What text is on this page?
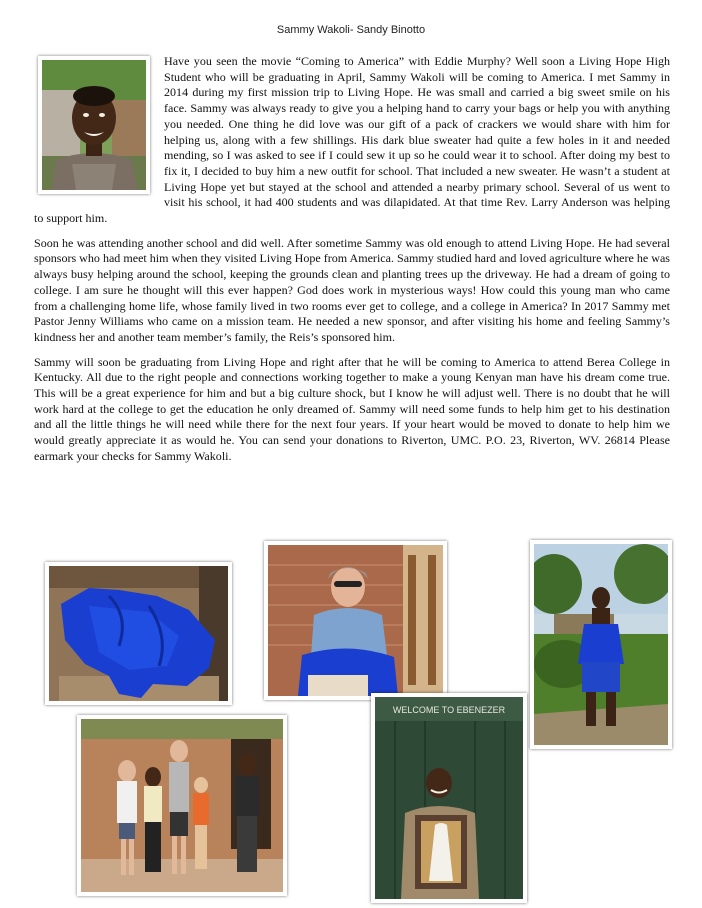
Sammy Wakoli- Sandy Binotto

Have you seen the movie “Coming to America” with Eddie Murphy? Well soon a Living Hope High Student who will be graduating in April, Sammy Wakoli will be coming to America. I met Sammy in 2014 during my first mission trip to Living Hope. He was small and carried a big sweet smile on his face. Sammy was always ready to give you a helping hand to carry your bags or help you with anything you needed. One thing he did love was our gift of a pack of crackers we would share with him for helping us, along with a few shillings. His dark blue sweater had quite a few holes in it and needed mending, so I was asked to see if I could sew it up so he could wear it to school. After doing my best to fix it, I decided to buy him a new outfit for school. That included a new sweater. He wasn’t a student at Living Hope yet but stayed at the school and attended a nearby primary school. Several of us went to visit his school, it had 400 students and was dilapidated. At that time Rev. Larry Anderson was helping to support him.

Soon he was attending another school and did well. After sometime Sammy was old enough to attend Living Hope. He had several sponsors who had meet him when they visited Living Hope from America. Sammy studied hard and loved agriculture where he was always busy helping around the school, keeping the grounds clean and planting trees up the driveway. He had a dream of going to college. I am sure he thought will this ever happen? God does work in mysterious ways! How could this young man who came from a challenging home life, whose family lived in two rooms ever get to college, and a college in America? In 2017 Sammy met Pastor Jenny Williams who came on a mission team. He needed a new sponsor, and after visiting his home and feeling Sammy’s kindness her and another team member’s family, the Reis’s sponsored him.

Sammy will soon be graduating from Living Hope and right after that he will be coming to America to attend Berea College in Kentucky. All due to the right people and connections working together to make a young Kenyan man have his dream come true. This will be a great experience for him and but a big culture shock, but I know he will adjust well. There is no doubt that he will work hard at the college to get the education he only dreamed of. Sammy will need some funds to help him get to his destination and all the little things he will need while there for the next four years. If your heart would be moved to donate to help him we would greatly appreciate it as would he. You can send your donations to Riverton, UMC. P.O. 23, Riverton, WV. 26814 Please earmark your checks for Sammy Wakoli.

WELCOME TO EBENEZER
